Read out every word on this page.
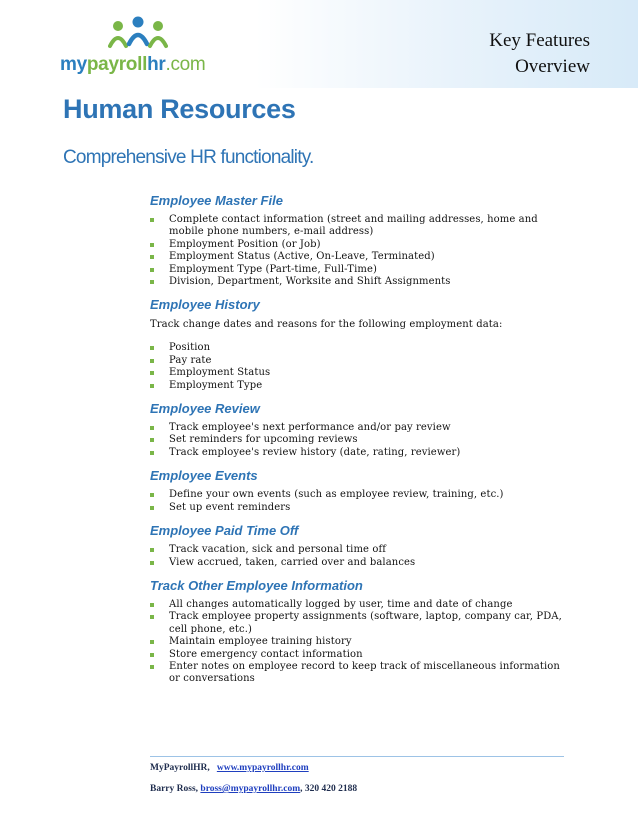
mypayrollhr.com
Key Features
Overview
Human Resources
Comprehensive HR functionality.
Employee Master File
Complete contact information (street and mailing addresses, home and mobile phone numbers, e-mail address)
Employment Position (or Job)
Employment Status (Active, On-Leave, Terminated)
Employment Type (Part-time, Full-Time)
Division, Department, Worksite and Shift Assignments
Employee History
Track change dates and reasons for the following employment data:
Position
Pay rate
Employment Status
Employment Type
Employee Review
Track employee's next performance and/or pay review
Set reminders for upcoming reviews
Track employee's review history (date, rating, reviewer)
Employee Events
Define your own events (such as employee review, training, etc.)
Set up event reminders
Employee Paid Time Off
Track vacation, sick and personal time off
View accrued, taken, carried over and balances
Track Other Employee Information
All changes automatically logged by user, time and date of change
Track employee property assignments (software, laptop, company car, PDA, cell phone, etc.)
Maintain employee training history
Store emergency contact information
Enter notes on employee record to keep track of miscellaneous information or conversations
MyPayrollHR, www.mypayrollhr.com
Barry Ross, bross@mypayrollhr.com, 320 420 2188
